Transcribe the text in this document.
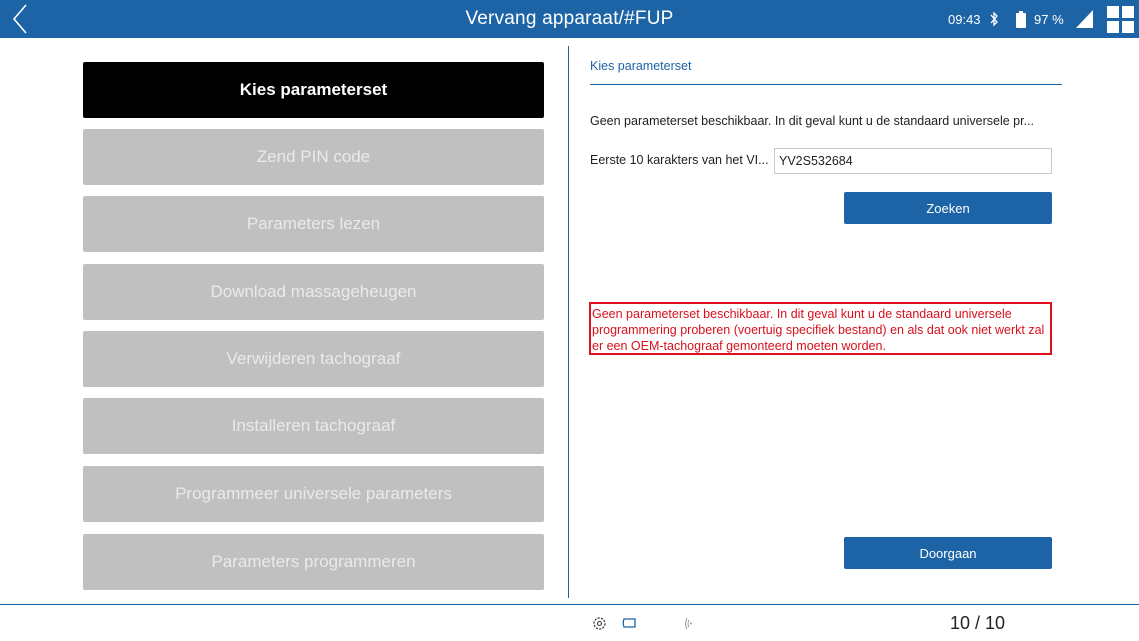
Vervang apparaat/#FUP	09:43	97 %
Kies parameterset
Zend PIN code
Parameters lezen
Download massageheugen
Verwijderen tachograaf
Installeren tachograaf
Programmeer universele parameters
Parameters programmeren
Kies parameterset
Geen parameterset beschikbaar. In dit geval kunt u de standaard universele pr...
Eerste 10 karakters van het VI...
YV2S532684
Zoeken
Geen parameterset beschikbaar. In dit geval kunt u de standaard universele programmering proberen (voertuig specifiek bestand) en als dat ook niet werkt zal er een OEM-tachograaf gemonteerd moeten worden.
Doorgaan
10 / 10
